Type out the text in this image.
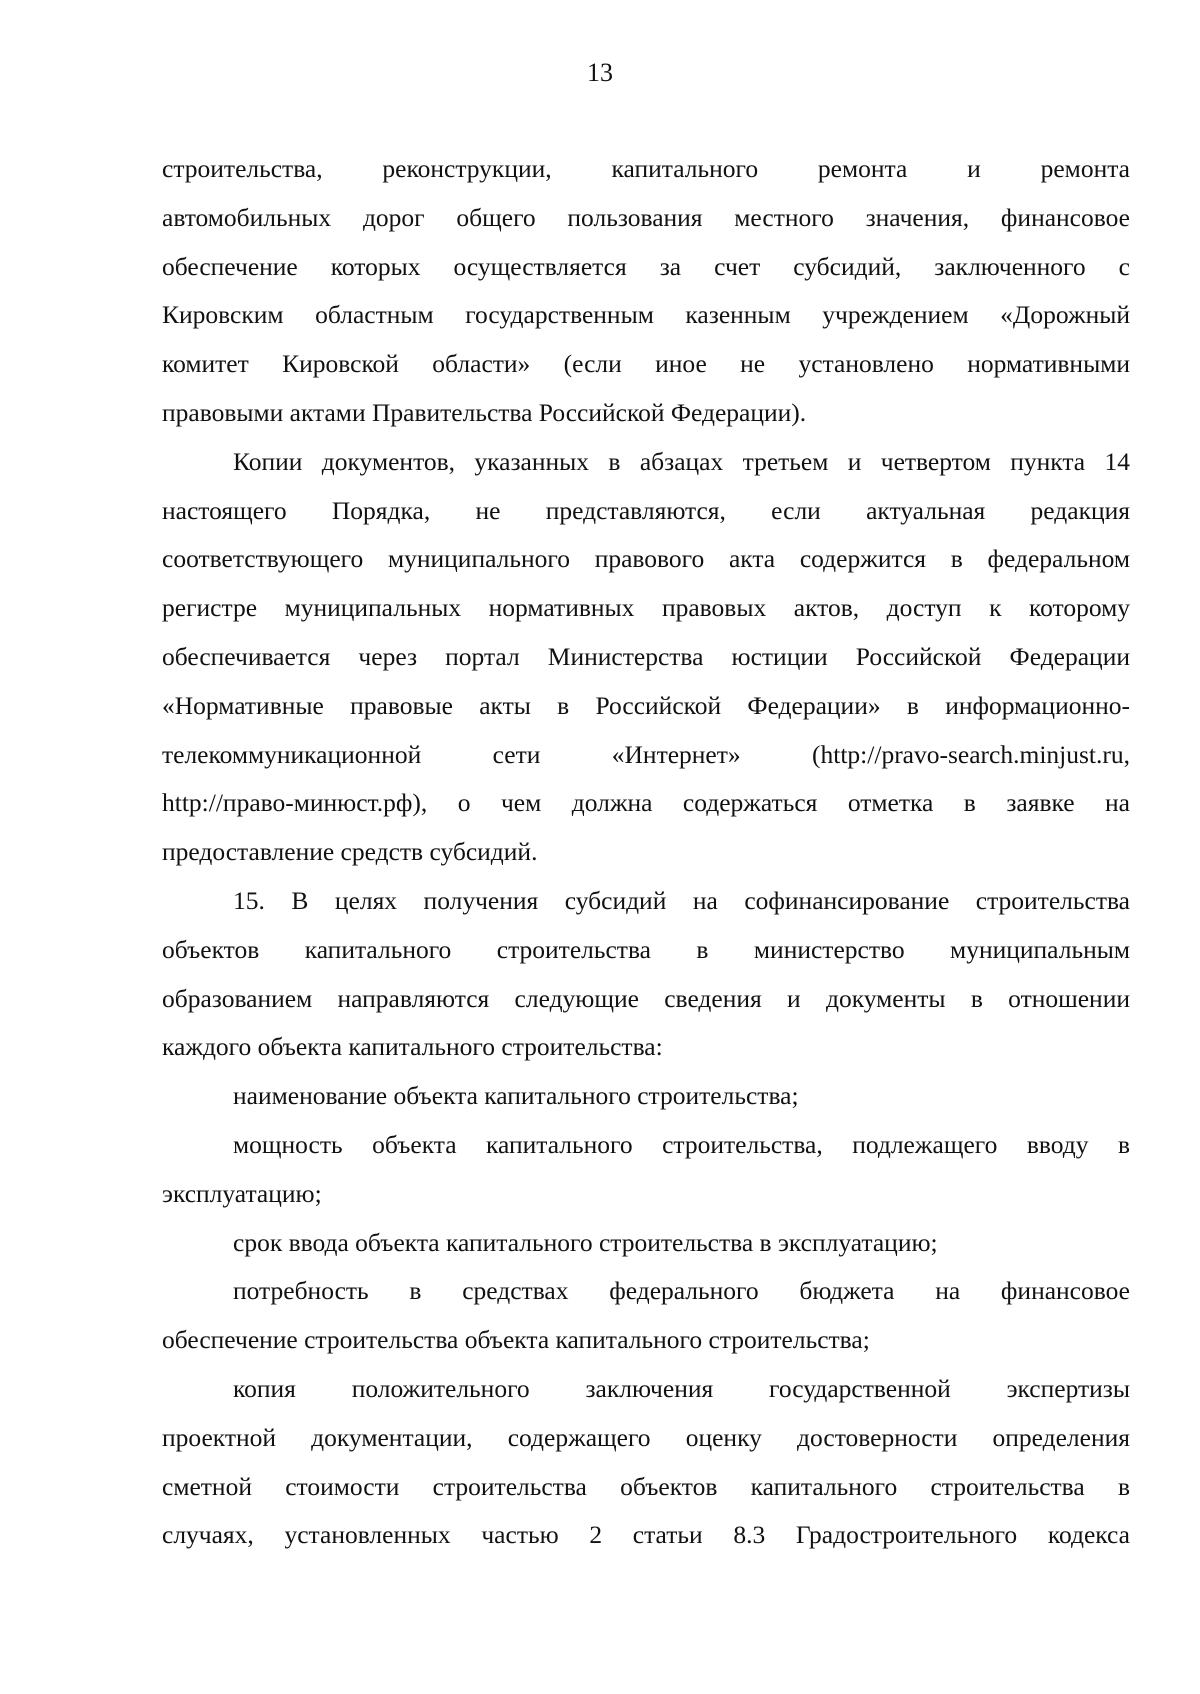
13
строительства, реконструкции, капитального ремонта и ремонта
автомобильных дорог общего пользования местного значения, финансовое
обеспечение которых осуществляется за счет субсидий, заключенного с
Кировским областным государственным казенным учреждением «Дорожный
комитет Кировской области» (если иное не установлено нормативными
правовыми актами Правительства Российской Федерации).
Копии документов, указанных в абзацах третьем и четвертом пункта 14
настоящего Порядка, не представляются, если актуальная редакция
соответствующего муниципального правового акта содержится в федеральном
регистре муниципальных нормативных правовых актов, доступ к которому
обеспечивается через портал Министерства юстиции Российской Федерации
«Нормативные правовые акты в Российской Федерации» в информационно-
телекоммуникационной сети «Интернет» (http://pravo-search.minjust.ru,
http://право-минюст.рф), о чем должна содержаться отметка в заявке на
предоставление средств субсидий.
15. В целях получения субсидий на софинансирование строительства
объектов капитального строительства в министерство муниципальным
образованием направляются следующие сведения и документы в отношении
каждого объекта капитального строительства:
наименование объекта капитального строительства;
мощность объекта капитального строительства, подлежащего вводу в
эксплуатацию;
срок ввода объекта капитального строительства в эксплуатацию;
потребность в средствах федерального бюджета на финансовое
обеспечение строительства объекта капитального строительства;
копия положительного заключения государственной экспертизы
проектной документации, содержащего оценку достоверности определения
сметной стоимости строительства объектов капитального строительства в
случаях, установленных частью 2 статьи 8.3 Градостроительного кодекса
